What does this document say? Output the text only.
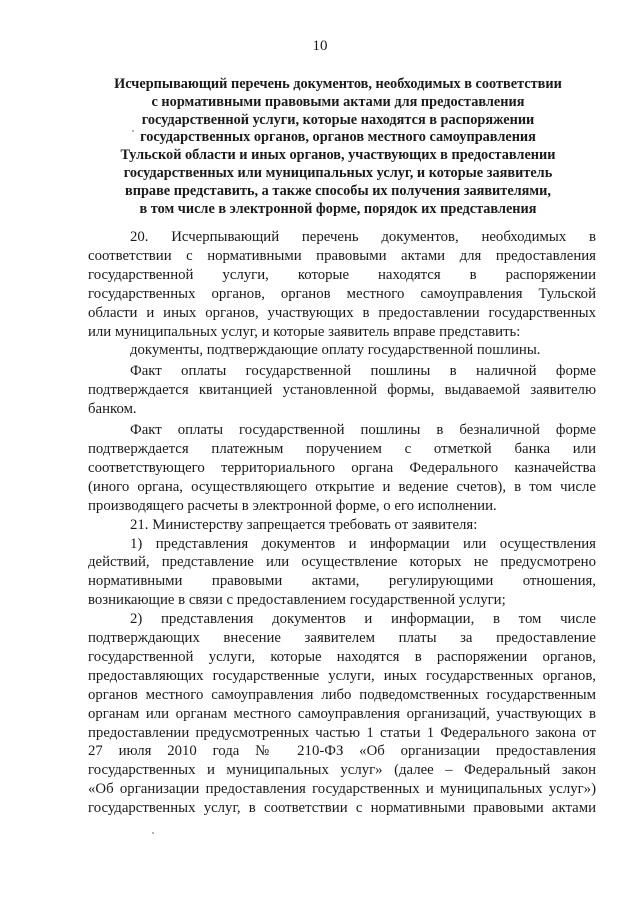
10
Исчерпывающий перечень документов, необходимых в соответствии
с нормативными правовыми актами для предоставления
государственной услуги, которые находятся в распоряжении
государственных органов, органов местного самоуправления
Тульской области и иных органов, участвующих в предоставлении
государственных или муниципальных услуг, и которые заявитель
вправе представить, а также способы их получения заявителями,
в том числе в электронной форме, порядок их представления
20. Исчерпывающий перечень документов, необходимых в
соответствии с нормативными правовыми актами для предоставления
государственной услуги, которые находятся в распоряжении
государственных органов, органов местного самоуправления Тульской
области и иных органов, участвующих в предоставлении государственных
или муниципальных услуг, и которые заявитель вправе представить:
документы, подтверждающие оплату государственной пошлины.
Факт оплаты государственной пошлины в наличной форме
подтверждается квитанцией установленной формы, выдаваемой заявителю
банком.
Факт оплаты государственной пошлины в безналичной форме
подтверждается платежным поручением с отметкой банка или
соответствующего территориального органа Федерального казначейства
(иного органа, осуществляющего открытие и ведение счетов), в том числе
производящего расчеты в электронной форме, о его исполнении.
21. Министерству запрещается требовать от заявителя:
1) представления документов и информации или осуществления
действий, представление или осуществление которых не предусмотрено
нормативными правовыми актами, регулирующими отношения,
возникающие в связи с предоставлением государственной услуги;
2) представления документов и информации, в том числе
подтверждающих внесение заявителем платы за предоставление
государственной услуги, которые находятся в распоряжении органов,
предоставляющих государственные услуги, иных государственных органов,
органов местного самоуправления либо подведомственных государственным
органам или органам местного самоуправления организаций, участвующих в
предоставлении предусмотренных частью 1 статьи 1 Федерального закона от
27 июля 2010 года № 210-ФЗ «Об организации предоставления
государственных и муниципальных услуг» (далее – Федеральный закон
«Об организации предоставления государственных и муниципальных услуг»)
государственных услуг, в соответствии с нормативными правовыми актами
